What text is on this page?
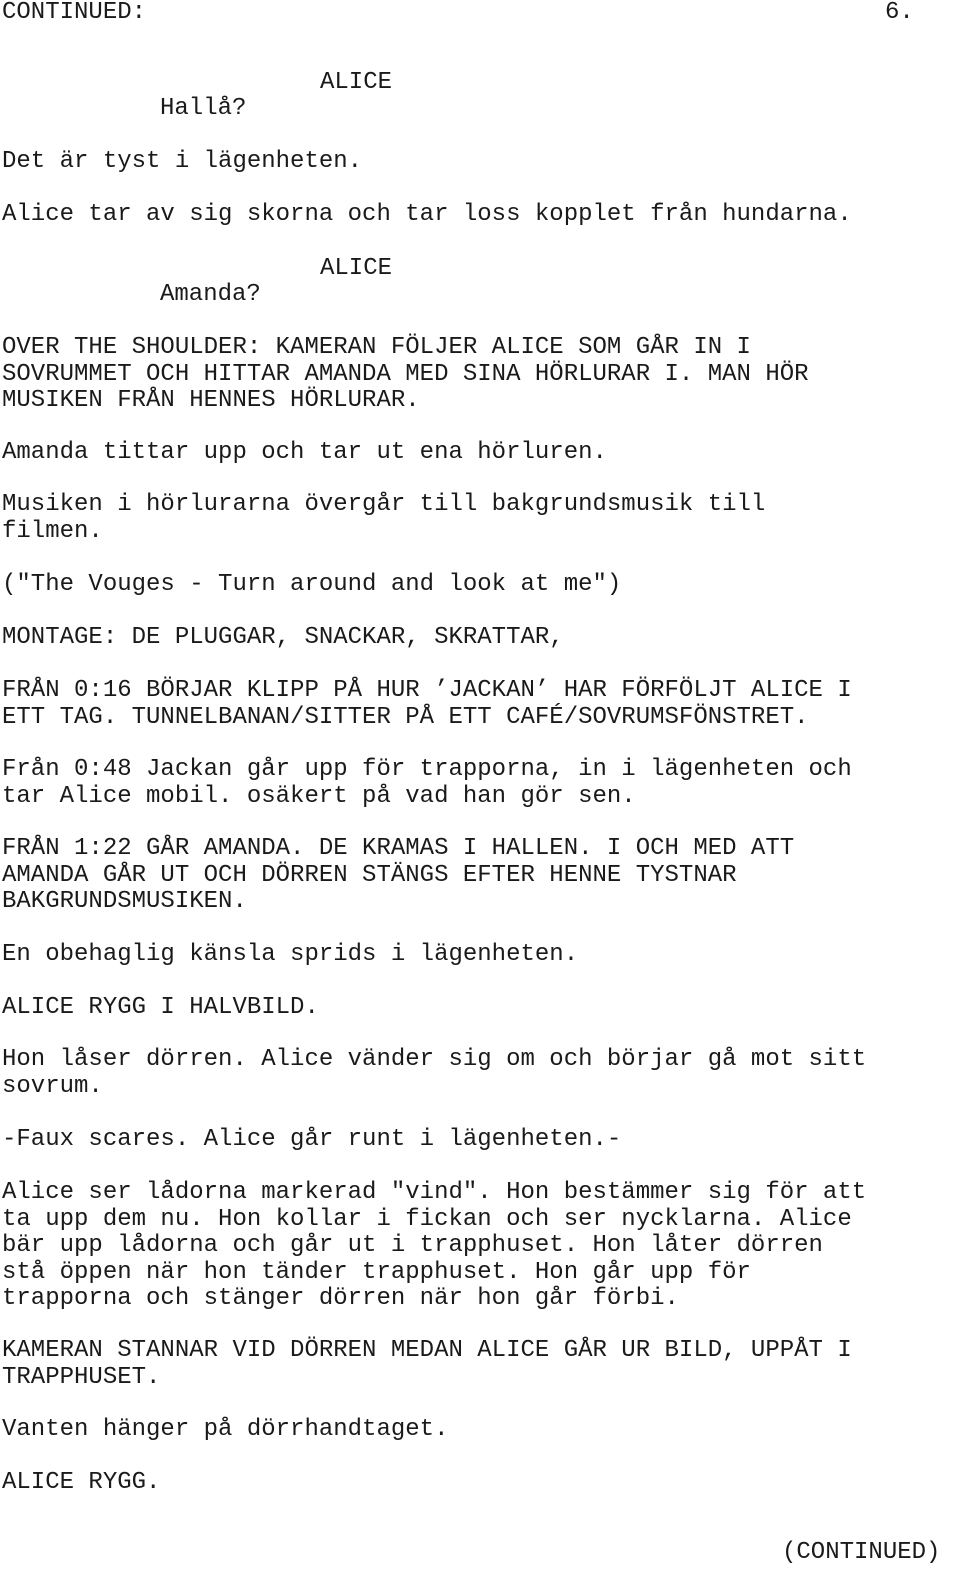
CONTINUED:	6.
ALICE
Hallå?
Det är tyst i lägenheten.
Alice tar av sig skorna och tar loss kopplet från hundarna.
ALICE
Amanda?
OVER THE SHOULDER: KAMERAN FÖLJER ALICE SOM GÅR IN I
SOVRUMMET OCH HITTAR AMANDA MED SINA HÖRLURAR I. MAN HÖR
MUSIKEN FRÅN HENNES HÖRLURAR.
Amanda tittar upp och tar ut ena hörluren.
Musiken i hörlurarna övergår till bakgrundsmusik till
filmen.
("The Vouges - Turn around and look at me")
MONTAGE: DE PLUGGAR, SNACKAR, SKRATTAR,
FRÅN 0:16 BÖRJAR KLIPP PÅ HUR ’JACKAN’ HAR FÖRFÖLJT ALICE I
ETT TAG. TUNNELBANAN/SITTER PÅ ETT CAFÉ/SOVRUMSFÖNSTRET.
Från 0:48 Jackan går upp för trapporna, in i lägenheten och
tar Alice mobil. osäkert på vad han gör sen.
FRÅN 1:22 GÅR AMANDA. DE KRAMAS I HALLEN. I OCH MED ATT
AMANDA GÅR UT OCH DÖRREN STÄNGS EFTER HENNE TYSTNAR
BAKGRUNDSMUSIKEN.
En obehaglig känsla sprids i lägenheten.
ALICE RYGG I HALVBILD.
Hon låser dörren. Alice vänder sig om och börjar gå mot sitt
sovrum.
-Faux scares. Alice går runt i lägenheten.-
Alice ser lådorna markerad "vind". Hon bestämmer sig för att
ta upp dem nu. Hon kollar i fickan och ser nycklarna. Alice
bär upp lådorna och går ut i trapphuset. Hon låter dörren
stå öppen när hon tänder trapphuset. Hon går upp för
trapporna och stänger dörren när hon går förbi.
KAMERAN STANNAR VID DÖRREN MEDAN ALICE GÅR UR BILD, UPPÅT I
TRAPPHUSET.
Vanten hänger på dörrhandtaget.
ALICE RYGG.
(CONTINUED)
